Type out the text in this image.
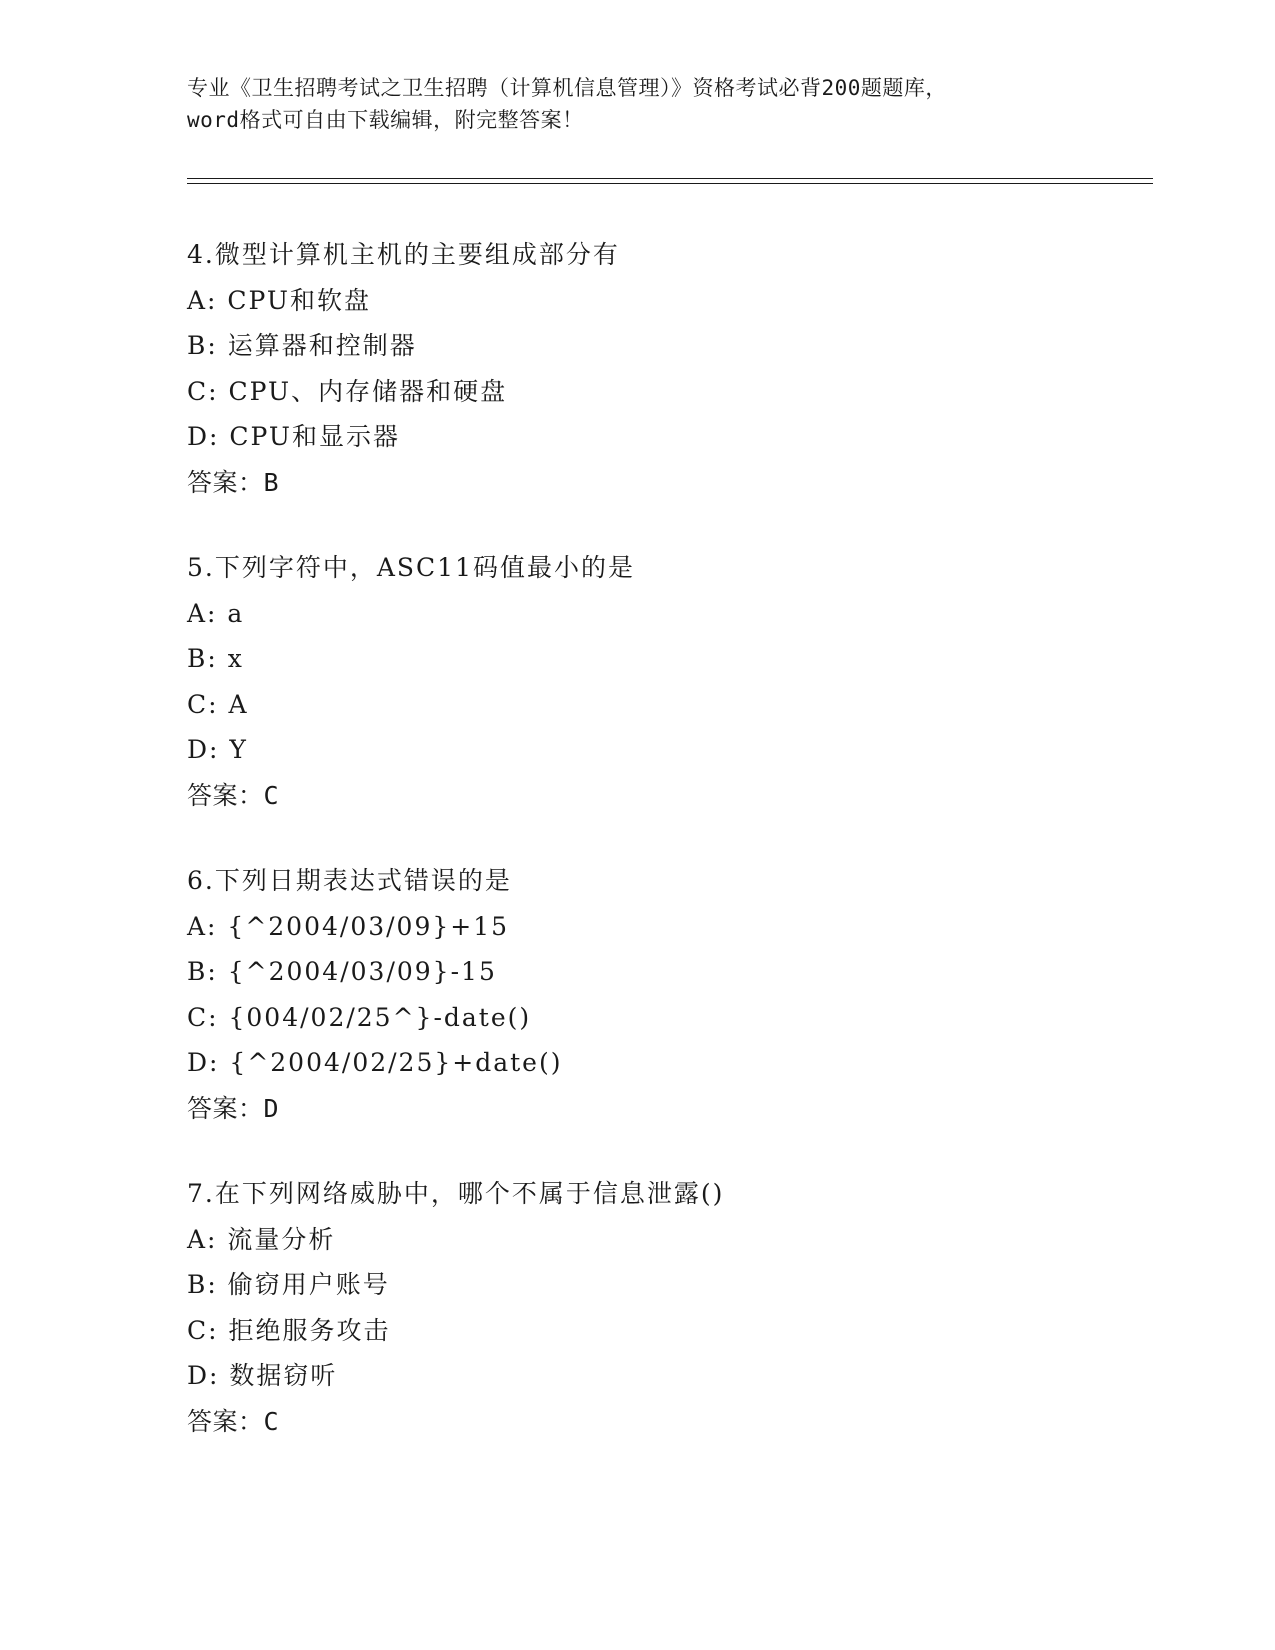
专业《卫生招聘考试之卫生招聘（计算机信息管理）》资格考试必背200题题库，
word格式可自由下载编辑，附完整答案！
4.微型计算机主机的主要组成部分有
A: CPU和软盘
B: 运算器和控制器
C: CPU、内存储器和硬盘
D: CPU和显示器
答案：B
5.下列字符中，ASC11码值最小的是
A: a
B: x
C: A
D: Y
答案：C
6.下列日期表达式错误的是
A: {^2004/03/09}+15
B: {^2004/03/09}-15
C: {004/02/25^}-date()
D: {^2004/02/25}+date()
答案：D
7.在下列网络威胁中，哪个不属于信息泄露()
A: 流量分析
B: 偷窃用户账号
C: 拒绝服务攻击
D: 数据窃听
答案：C
